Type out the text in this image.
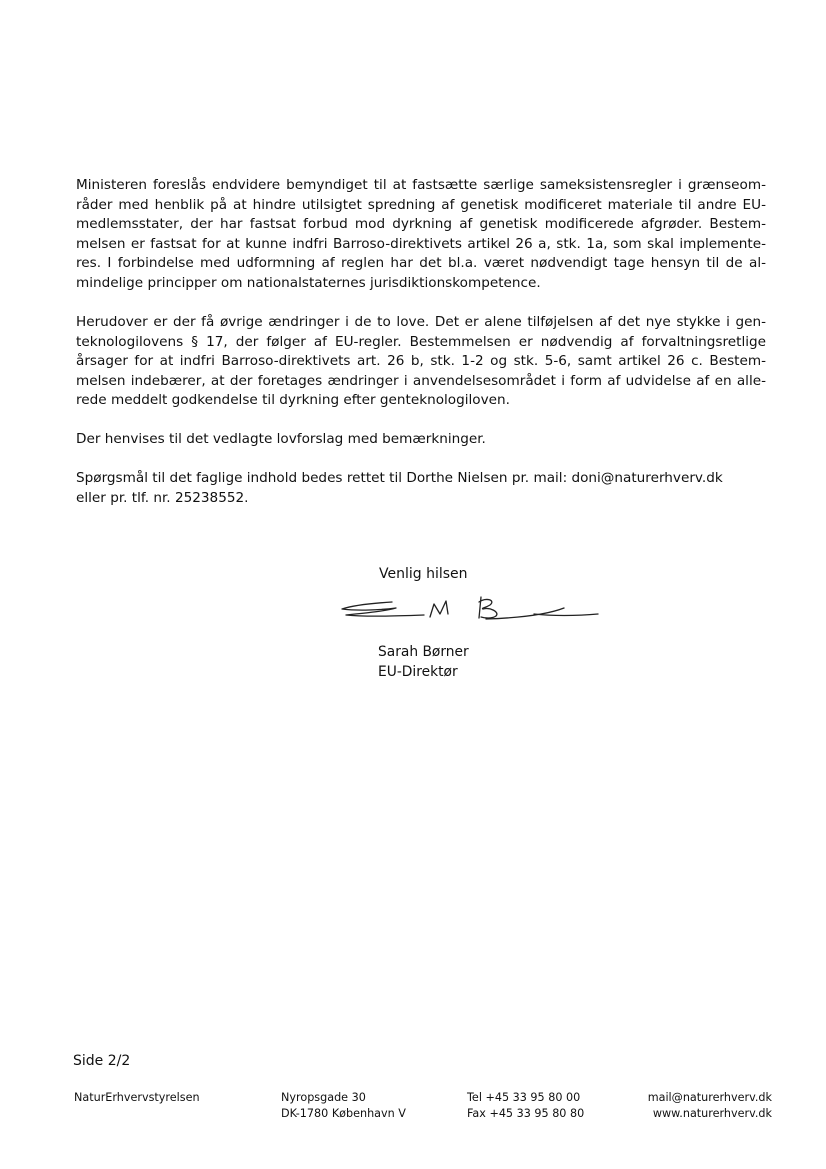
Ministeren foreslås endvidere bemyndiget til at fastsætte særlige sameksistensregler i grænseom-
råder med henblik på at hindre utilsigtet spredning af genetisk modificeret materiale til andre EU-
medlemsstater, der har fastsat forbud mod dyrkning af genetisk modificerede afgrøder. Bestem-
melsen er fastsat for at kunne indfri Barroso-direktivets artikel 26 a, stk. 1a, som skal implemente-
res. I forbindelse med udformning af reglen har det bl.a. været nødvendigt tage hensyn til de al-
mindelige principper om nationalstaternes jurisdiktionskompetence.
Herudover er der få øvrige ændringer i de to love. Det er alene tilføjelsen af det nye stykke i gen-
teknologilovens § 17, der følger af EU-regler. Bestemmelsen er nødvendig af forvaltningsretlige
årsager for at indfri Barroso-direktivets art. 26 b, stk. 1-2 og stk. 5-6, samt artikel 26 c. Bestem-
melsen indebærer, at der foretages ændringer i anvendelsesområdet i form af udvidelse af en alle-
rede meddelt godkendelse til dyrkning efter genteknologiloven.
Der henvises til det vedlagte lovforslag med bemærkninger.
Spørgsmål til det faglige indhold bedes rettet til Dorthe Nielsen pr. mail: doni@naturerhverv.dk
eller pr. tlf. nr. 25238552.
Venlig hilsen
Sarah Børner
EU-Direktør
Side 2/2
NaturErhvervstyrelsen	Nyropsgade 30
DK-1780 København V
Tel +45 33 95 80 00
Fax +45 33 95 80 80
mail@naturerhverv.dk
www.naturerhverv.dk
